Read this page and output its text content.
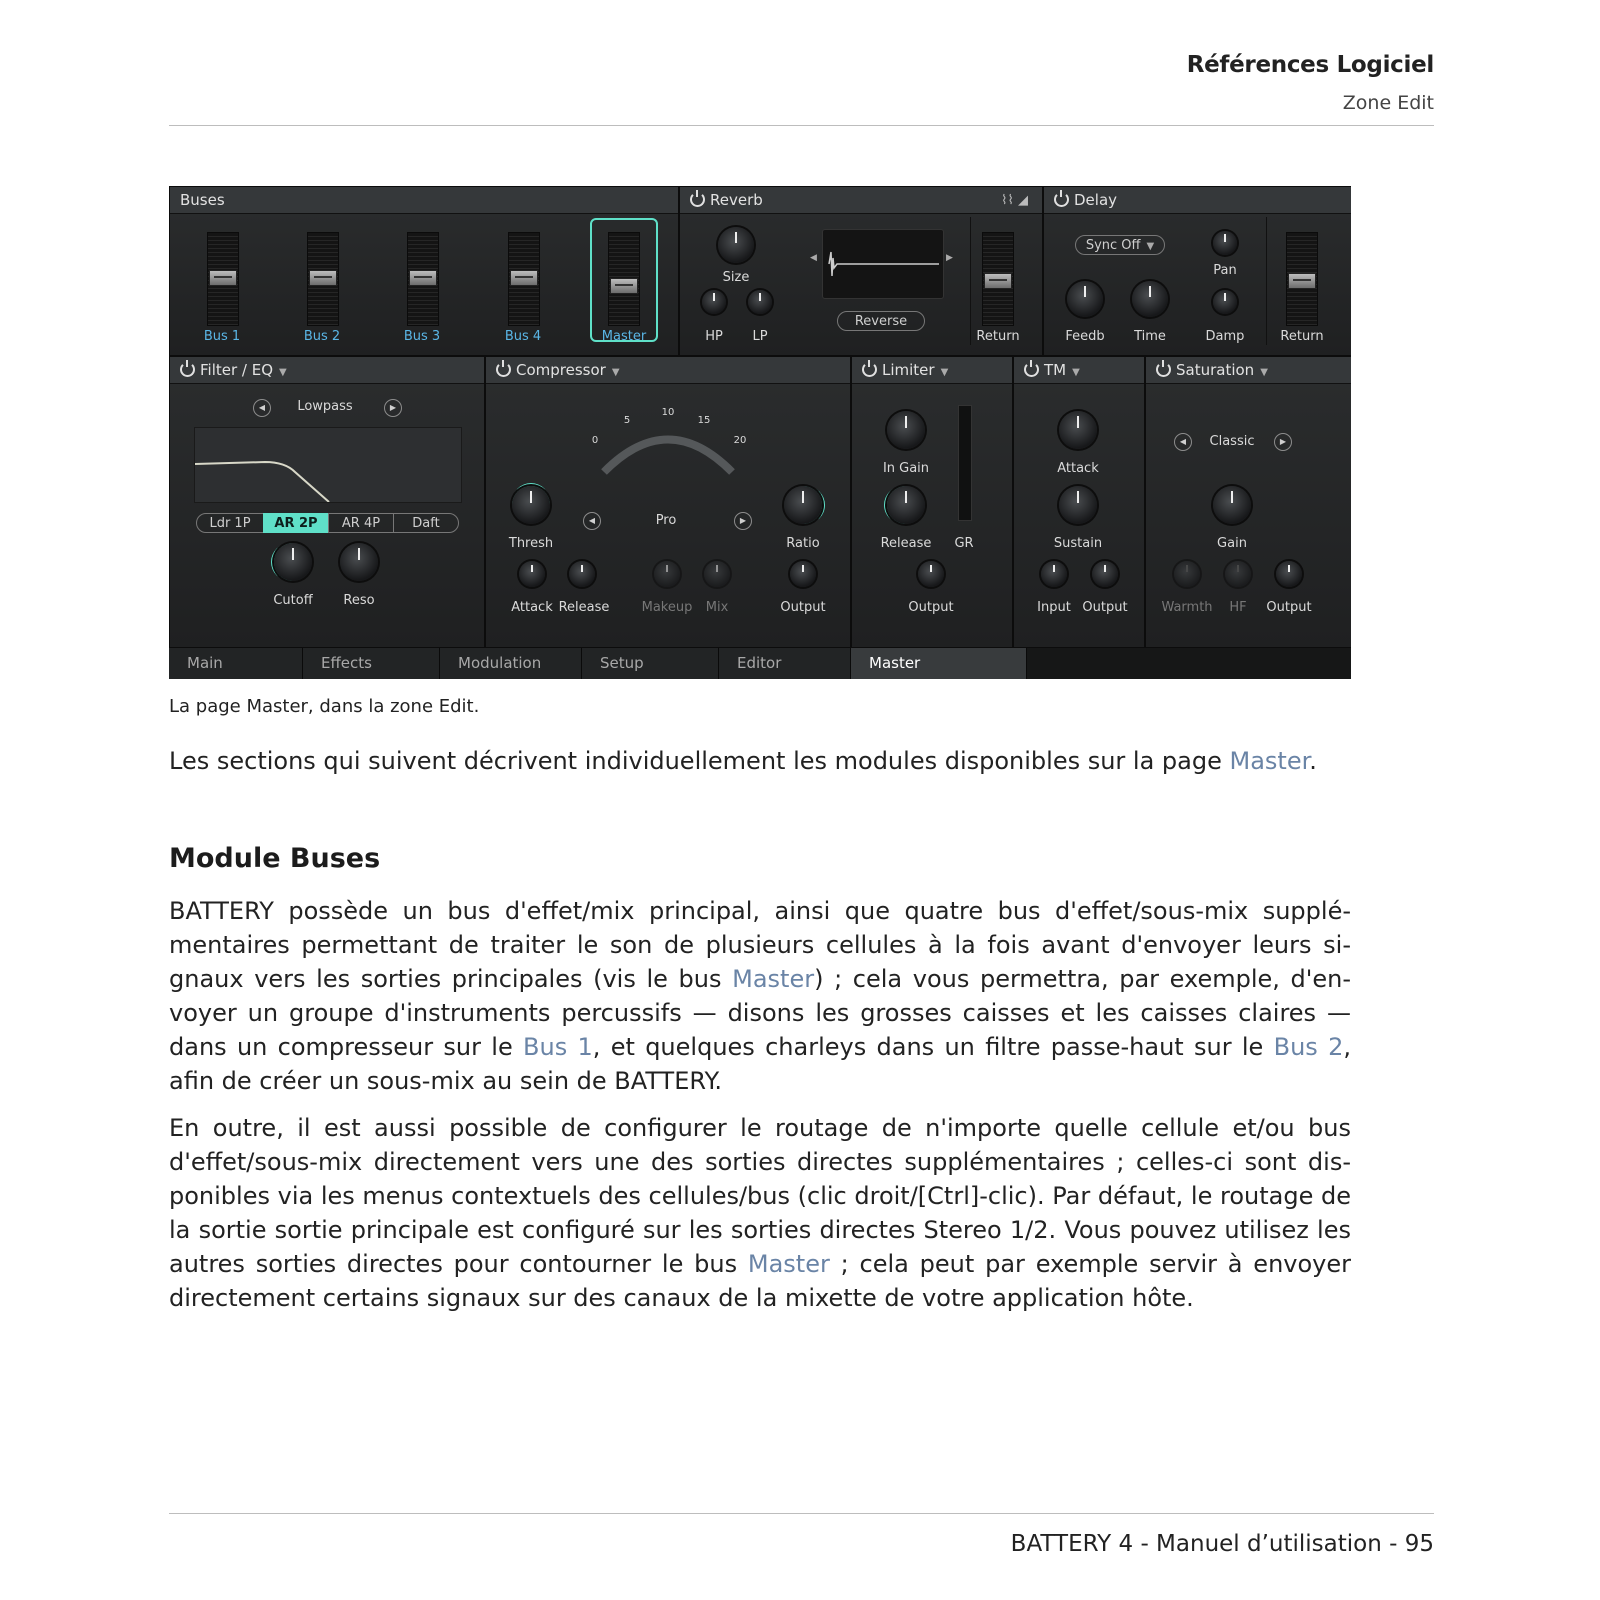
Références Logiciel
Zone Edit
Buses
Bus 1	Bus 2	Bus 3	Bus 4	Master
Reverb	⌇⌇ ◢
Size
HP	LP
◀	▶
Reverse
Return
Delay
Sync Off ▼
Pan
Feedb	Time	Damp	Return
Filter / EQ ▼
◀	Lowpass	▶
Ldr 1P	AR 2P	AR 4P	Daft
Cutoff	Reso
Compressor ▼
0
5
10
15
20
◀	Pro	▶
Thresh	Ratio
Attack Release Makeup Mix	Output
Limiter ▼
In Gain
Release	GR
Output
TM ▼
Attack
Sustain
Input Output
Saturation ▼
◀	Classic	▶
Gain
Warmth	HF	Output
Main	Effects	Modulation	Setup	Editor	Master
La page Master, dans la zone Edit.

Les sections qui suivent décrivent individuellement les modules disponibles sur la page Master.

Module Buses

BATTERY possède un bus d'effet/mix principal, ainsi que quatre bus d'effet/sous-mix supplémentaires permettant de traiter le son de plusieurs cellules à la fois avant d'envoyer leurs signaux vers les sorties principales (vis le bus Master) ; cela vous permettra, par exemple, d'envoyer un groupe d'instruments percussifs — disons les grosses caisses et les caisses claires — dans un compresseur sur le Bus 1, et quelques charleys dans un filtre passe-haut sur le Bus 2, afin de créer un sous-mix au sein de BATTERY.

En outre, il est aussi possible de configurer le routage de n'importe quelle cellule et/ou bus d'effet/sous-mix directement vers une des sorties directes supplémentaires ; celles-ci sont disponibles via les menus contextuels des cellules/bus (clic droit/[Ctrl]-clic). Par défaut, le routage de la sortie sortie principale est configuré sur les sorties directes Stereo 1/2. Vous pouvez utilisez les autres sorties directes pour contourner le bus Master ; cela peut par exemple servir à envoyer directement certains signaux sur des canaux de la mixette de votre application hôte.

BATTERY 4 - Manuel d’utilisation - 95
